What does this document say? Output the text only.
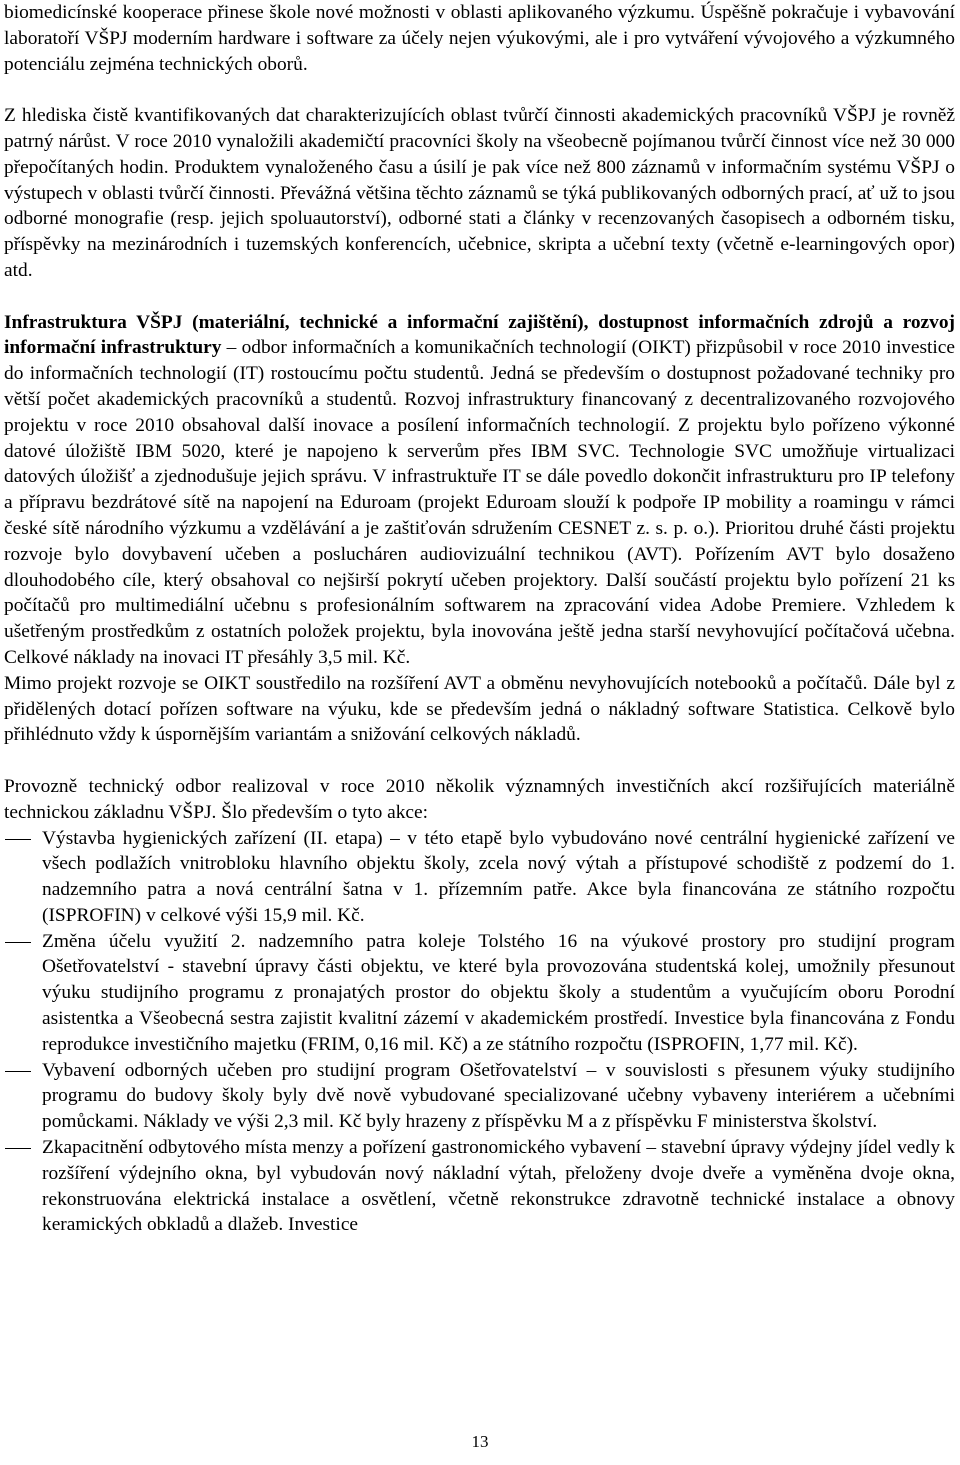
biomedicínské kooperace přinese škole nové možnosti v oblasti aplikovaného výzkumu. Úspěšně pokračuje i vybavování laboratoří VŠPJ moderním hardware i software za účely nejen výukovými, ale i pro vytváření vývojového a výzkumného potenciálu zejména technických oborů.

Z hlediska čistě kvantifikovaných dat charakterizujících oblast tvůrčí činnosti akademických pracovníků VŠPJ je rovněž patrný nárůst. V roce 2010 vynaložili akademičtí pracovníci školy na všeobecně pojímanou tvůrčí činnost více než 30 000 přepočítaných hodin. Produktem vynaloženého času a úsilí je pak více než 800 záznamů v informačním systému VŠPJ o výstupech v oblasti tvůrčí činnosti. Převážná většina těchto záznamů se týká publikovaných odborných prací, ať už to jsou odborné monografie (resp. jejich spoluautorství), odborné stati a články v recenzovaných časopisech a odborném tisku, příspěvky na mezinárodních i tuzemských konferencích, učebnice, skripta a učební texty (včetně e-learningových opor) atd.

Infrastruktura VŠPJ (materiální, technické a informační zajištění), dostupnost informačních zdrojů a rozvoj informační infrastruktury – odbor informačních a komunikačních technologií (OIKT) přizpůsobil v roce 2010 investice do informačních technologií (IT) rostoucímu počtu studentů. Jedná se především o dostupnost požadované techniky pro větší počet akademických pracovníků a studentů. Rozvoj infrastruktury financovaný z decentralizovaného rozvojového projektu v roce 2010 obsahoval další inovace a posílení informačních technologií. Z projektu bylo pořízeno výkonné datové úložiště IBM 5020, které je napojeno k serverům přes IBM SVC. Technologie SVC umožňuje virtualizaci datových úložišť a zjednodušuje jejich správu. V infrastruktuře IT se dále povedlo dokončit infrastrukturu pro IP telefony a přípravu bezdrátové sítě na napojení na Eduroam (projekt Eduroam slouží k podpoře IP mobility a roamingu v rámci české sítě národního výzkumu a vzdělávání a je zaštiťován sdružením CESNET z. s. p. o.). Prioritou druhé části projektu rozvoje bylo dovybavení učeben a poslucháren audiovizuální technikou (AVT). Pořízením AVT bylo dosaženo dlouhodobého cíle, který obsahoval co nejširší pokrytí učeben projektory. Další součástí projektu bylo pořízení 21 ks počítačů pro multimediální učebnu s profesionálním softwarem na zpracování videa Adobe Premiere. Vzhledem k ušetřeným prostředkům z ostatních položek projektu, byla inovována ještě jedna starší nevyhovující počítačová učebna. Celkové náklady na inovaci IT přesáhly 3,5 mil. Kč.

Mimo projekt rozvoje se OIKT soustředilo na rozšíření AVT a obměnu nevyhovujících notebooků a počítačů. Dále byl z přidělených dotací pořízen software na výuku, kde se především jedná o nákladný software Statistica. Celkově bylo přihlédnuto vždy k úspornějším variantám a snižování celkových nákladů.

Provozně technický odbor realizoval v roce 2010 několik významných investičních akcí rozšiřujících materiálně technickou základnu VŠPJ. Šlo především o tyto akce:

Výstavba hygienických zařízení (II. etapa) – v této etapě bylo vybudováno nové centrální hygienické zařízení ve všech podlažích vnitrobloku hlavního objektu školy, zcela nový výtah a přístupové schodiště z podzemí do 1. nadzemního patra a nová centrální šatna v 1. přízemním patře. Akce byla financována ze státního rozpočtu (ISPROFIN) v celkové výši 15,9 mil. Kč.
Změna účelu využití 2. nadzemního patra koleje Tolstého 16 na výukové prostory pro studijní program Ošetřovatelství - stavební úpravy části objektu, ve které byla provozována studentská kolej, umožnily přesunout výuku studijního programu z pronajatých prostor do objektu školy a studentům a vyučujícím oboru Porodní asistentka a Všeobecná sestra zajistit kvalitní zázemí v akademickém prostředí. Investice byla financována z Fondu reprodukce investičního majetku (FRIM, 0,16 mil. Kč) a ze státního rozpočtu (ISPROFIN, 1,77 mil. Kč).
Vybavení odborných učeben pro studijní program Ošetřovatelství – v souvislosti s přesunem výuky studijního programu do budovy školy byly dvě nově vybudované specializované učebny vybaveny interiérem a učebními pomůckami. Náklady ve výši 2,3 mil. Kč byly hrazeny z příspěvku M a z příspěvku F ministerstva školství.
Zkapacitnění odbytového místa menzy a pořízení gastronomického vybavení – stavební úpravy výdejny jídel vedly k rozšíření výdejního okna, byl vybudován nový nákladní výtah, přeloženy dvoje dveře a vyměněna dvoje okna, rekonstruována elektrická instalace a osvětlení, včetně rekonstrukce zdravotně technické instalace a obnovy keramických obkladů a dlažeb. Investice
13
